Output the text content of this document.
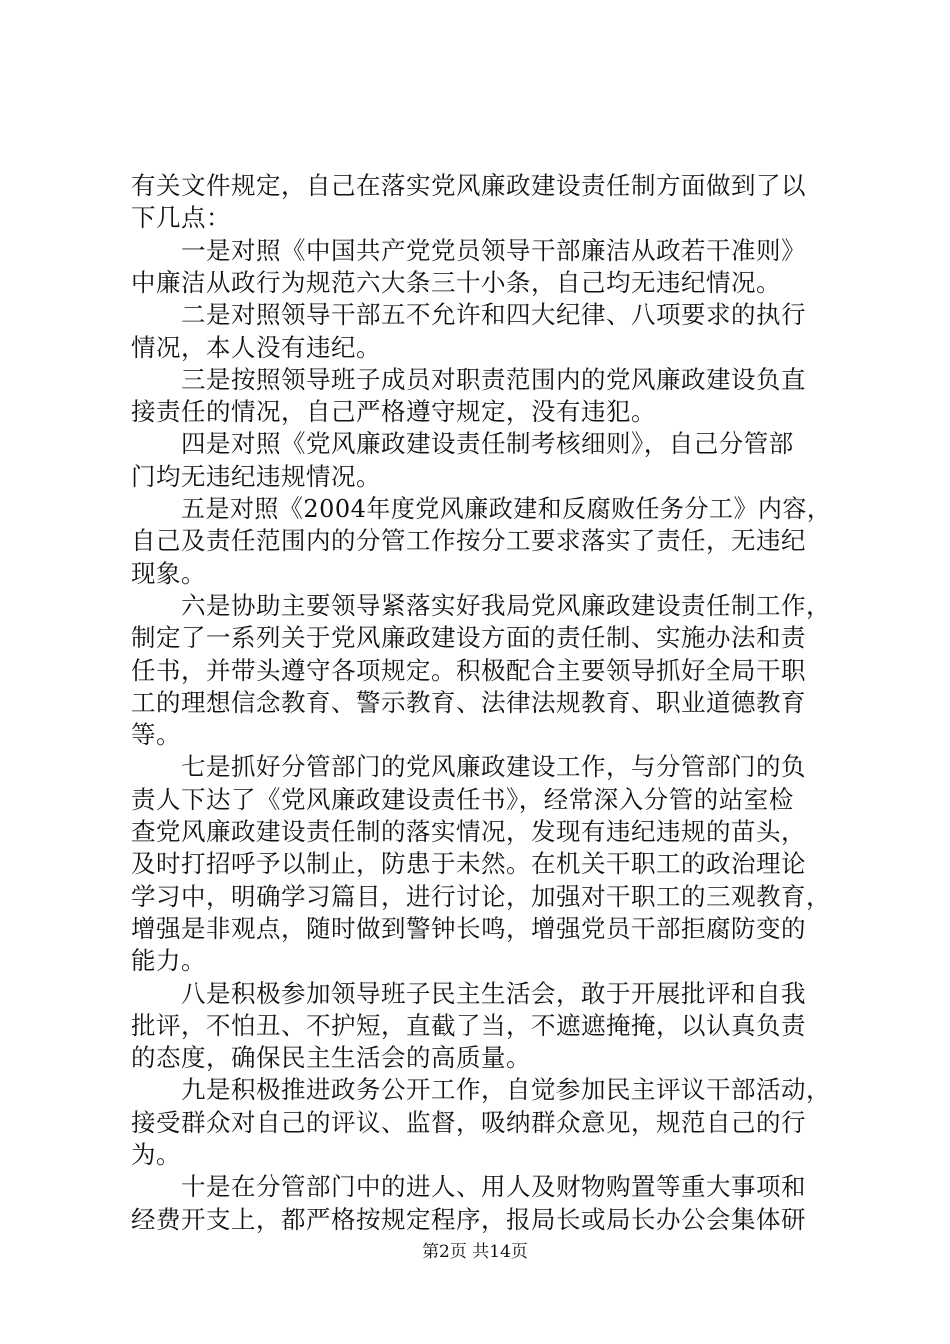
有关文件规定，自己在落实党风廉政建设责任制方面做到了以
下几点：
一是对照《中国共产党党员领导干部廉洁从政若干准则》
中廉洁从政行为规范六大条三十小条，自己均无违纪情况。
二是对照领导干部五不允许和四大纪律、八项要求的执行
情况，本人没有违纪。
三是按照领导班子成员对职责范围内的党风廉政建设负直
接责任的情况，自己严格遵守规定，没有违犯。
四是对照《党风廉政建设责任制考核细则》，自己分管部
门均无违纪违规情况。
五是对照《2004年度党风廉政建和反腐败任务分工》内容，
自己及责任范围内的分管工作按分工要求落实了责任，无违纪
现象。
六是协助主要领导紧落实好我局党风廉政建设责任制工作，
制定了一系列关于党风廉政建设方面的责任制、实施办法和责
任书，并带头遵守各项规定。积极配合主要领导抓好全局干职
工的理想信念教育、警示教育、法律法规教育、职业道德教育
等。
七是抓好分管部门的党风廉政建设工作，与分管部门的负
责人下达了《党风廉政建设责任书》，经常深入分管的站室检
查党风廉政建设责任制的落实情况，发现有违纪违规的苗头，
及时打招呼予以制止，防患于未然。在机关干职工的政治理论
学习中，明确学习篇目，进行讨论，加强对干职工的三观教育，
增强是非观点，随时做到警钟长鸣，增强党员干部拒腐防变的
能力。
八是积极参加领导班子民主生活会，敢于开展批评和自我
批评，不怕丑、不护短，直截了当，不遮遮掩掩，以认真负责
的态度，确保民主生活会的高质量。
九是积极推进政务公开工作，自觉参加民主评议干部活动，
接受群众对自己的评议、监督，吸纳群众意见，规范自己的行
为。
十是在分管部门中的进人、用人及财物购置等重大事项和
经费开支上，都严格按规定程序，报局长或局长办公会集体研
第2页 共14页
